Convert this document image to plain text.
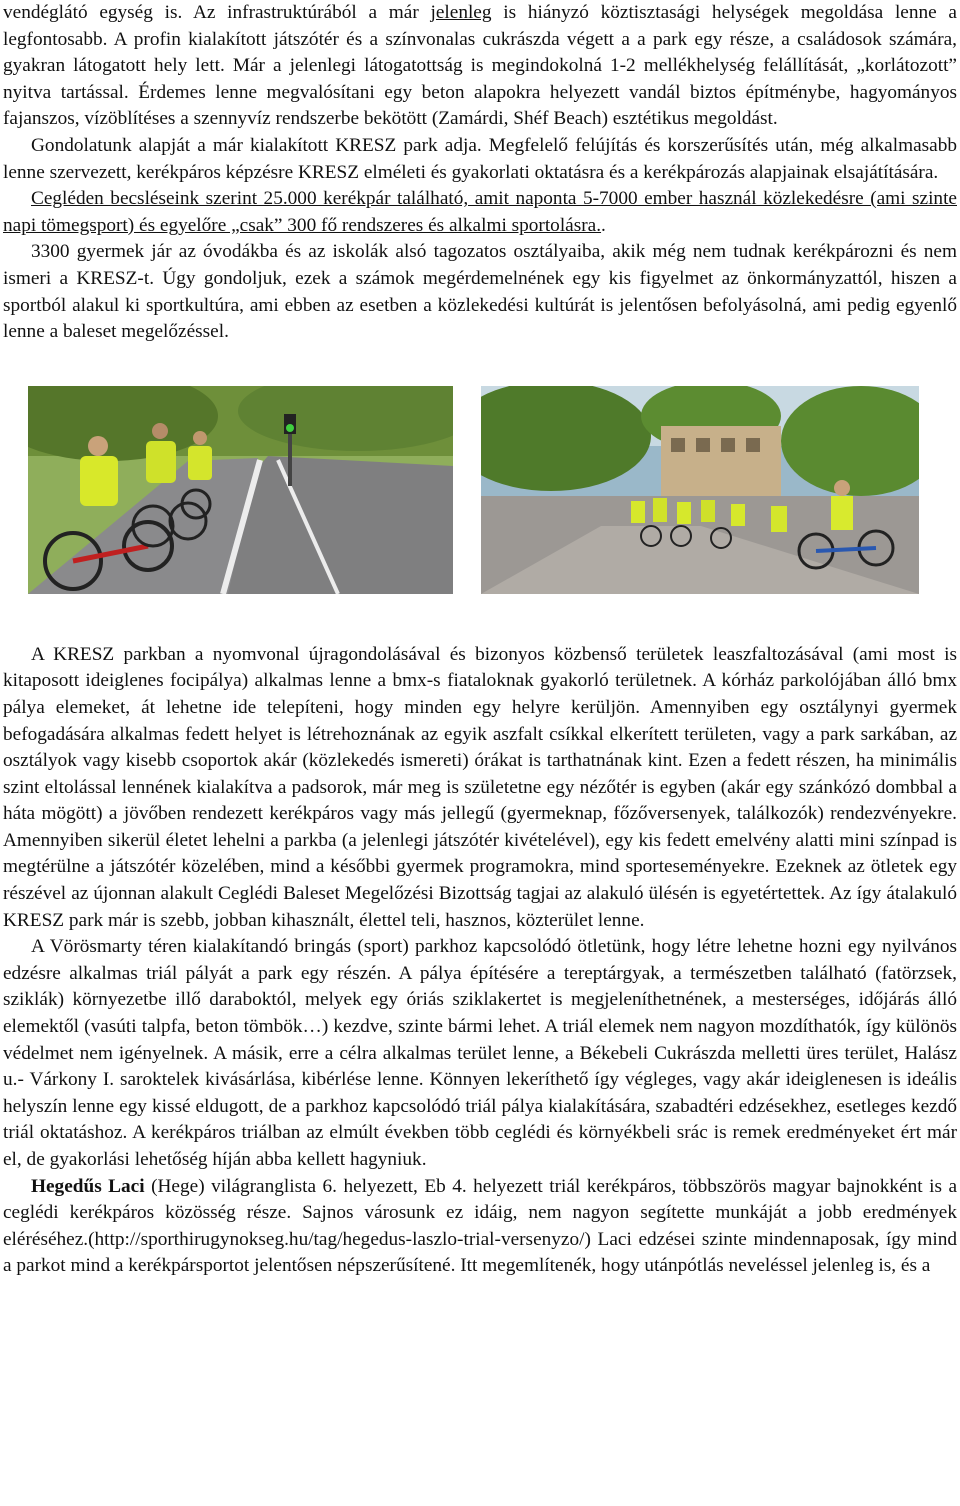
vendéglátó egység is. Az infrastruktúrából a már jelenleg is hiányzó köztisztasági helységek megoldása lenne a legfontosabb. A profin kialakított játszótér és a színvonalas cukrászda végett a a park egy része, a családosok számára, gyakran látogatott hely lett. Már a jelenlegi látogatottság is megindokolná 1-2 mellékhelység felállítását, „korlátozott” nyitva tartással. Érdemes lenne megvalósítani egy beton alapokra helyezett vandál biztos építménybe, hagyományos fajanszos, vízöblítéses a szennyvíz rendszerbe bekötött (Zamárdi, Shéf Beach) esztétikus megoldást.

Gondolatunk alapját a már kialakított KRESZ park adja. Megfelelő felújítás és korszerűsítés után, még alkalmasabb lenne szervezett, kerékpáros képzésre KRESZ elméleti és gyakorlati oktatásra és a kerékpározás alapjainak elsajátítására.

Cegléden becsléseink szerint 25.000 kerékpár található, amit naponta 5-7000 ember használ közlekedésre (ami szinte napi tömegsport) és egyelőre „csak” 300 fő rendszeres és alkalmi sportolásra..

3300 gyermek jár az óvodákba és az iskolák alsó tagozatos osztályaiba, akik még nem tudnak kerékpározni és nem ismeri a KRESZ-t. Úgy gondoljuk, ezek a számok megérdemelnének egy kis figyelmet az önkormányzattól, hiszen a sportból alakul ki sportkultúra, ami ebben az esetben a közlekedési kultúrát is jelentősen befolyásolná, ami pedig egyenlő lenne a baleset megelőzéssel.

A KRESZ parkban a nyomvonal újragondolásával és bizonyos közbenső területek leaszfaltozásával (ami most is kitaposott ideiglenes focipálya) alkalmas lenne a bmx-s fiataloknak gyakorló területnek. A kórház parkolójában álló bmx pálya elemeket, át lehetne ide telepíteni, hogy minden egy helyre kerüljön. Amennyiben egy osztálynyi gyermek befogadására alkalmas fedett helyet is létrehoznának az egyik aszfalt csíkkal elkerített területen, vagy a park sarkában, az osztályok vagy kisebb csoportok akár (közlekedés ismereti) órákat is tarthatnának kint. Ezen a fedett részen, ha minimális szint eltolással lennének kialakítva a padsorok, már meg is születetne egy nézőtér is egyben (akár egy szánkózó dombbal a háta mögött) a jövőben rendezett kerékpáros vagy más jellegű (gyermeknap, főzőversenyek, találkozók) rendezvényekre. Amennyiben sikerül életet lehelni a parkba (a jelenlegi játszótér kivételével), egy kis fedett emelvény alatti mini színpad is megtérülne a játszótér közelében, mind a későbbi gyermek programokra, mind sporteseményekre. Ezeknek az ötletek egy részével az újonnan alakult Ceglédi Baleset Megelőzési Bizottság tagjai az alakuló ülésén is egyetértettek. Az így átalakuló KRESZ park már is szebb, jobban kihasznált, élettel teli, hasznos, közterület lenne.

A Vörösmarty téren kialakítandó bringás (sport) parkhoz kapcsolódó ötletünk, hogy létre lehetne hozni egy nyilvános edzésre alkalmas triál pályát a park egy részén. A pálya építésére a tereptárgyak, a természetben található (fatörzsek, sziklák) környezetbe illő daraboktól, melyek egy óriás sziklakertet is megjeleníthetnének, a mesterséges, időjárás álló elemektől (vasúti talpfa, beton tömbök…) kezdve, szinte bármi lehet. A triál elemek nem nagyon mozdíthatók, így különös védelmet nem igényelnek. A másik, erre a célra alkalmas terület lenne, a Békebeli Cukrászda melletti üres terület, Halász u.- Várkony I. saroktelek kivásárlása, kibérlése lenne. Könnyen lekeríthető így végleges, vagy akár ideiglenesen is ideális helyszín lenne egy kissé eldugott, de a parkhoz kapcsolódó triál pálya kialakítására, szabadtéri edzésekhez, esetleges kezdő triál oktatáshoz. A kerékpáros triálban az elmúlt években több ceglédi és környékbeli srác is remek eredményeket ért már el, de gyakorlási lehetőség híján abba kellett hagyniuk.

Hegedűs Laci (Hege) világranglista 6. helyezett, Eb 4. helyezett triál kerékpáros, többszörös magyar bajnokként is a ceglédi kerékpáros közösség része. Sajnos városunk ez idáig, nem nagyon segítette munkáját a jobb eredmények eléréséhez.(http://sporthirugynokseg.hu/tag/hegedus-laszlo-trial-versenyzo/) Laci edzései szinte mindennaposak, így mind a parkot mind a kerékpársportot jelentősen népszerűsítené. Itt megemlítenék, hogy utánpótlás neveléssel jelenleg is, és a
